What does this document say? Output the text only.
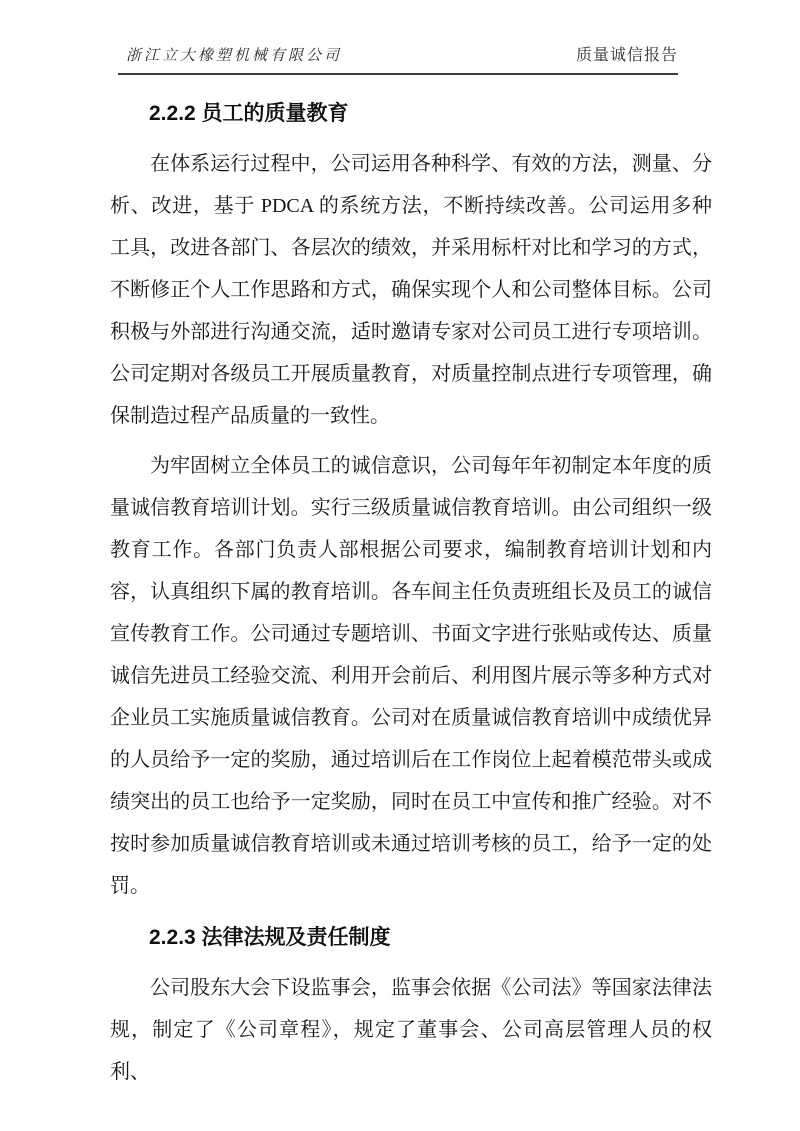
浙江立大橡塑机械有限公司	质量诚信报告
2.2.2 员工的质量教育

在体系运行过程中，公司运用各种科学、有效的方法，测量、分析、改进，基于 PDCA 的系统方法，不断持续改善。公司运用多种工具，改进各部门、各层次的绩效，并采用标杆对比和学习的方式，不断修正个人工作思路和方式，确保实现个人和公司整体目标。公司积极与外部进行沟通交流，适时邀请专家对公司员工进行专项培训。公司定期对各级员工开展质量教育，对质量控制点进行专项管理，确保制造过程产品质量的一致性。

为牢固树立全体员工的诚信意识，公司每年年初制定本年度的质量诚信教育培训计划。实行三级质量诚信教育培训。由公司组织一级教育工作。各部门负责人部根据公司要求，编制教育培训计划和内容，认真组织下属的教育培训。各车间主任负责班组长及员工的诚信宣传教育工作。公司通过专题培训、书面文字进行张贴或传达、质量诚信先进员工经验交流、利用开会前后、利用图片展示等多种方式对企业员工实施质量诚信教育。公司对在质量诚信教育培训中成绩优异的人员给予一定的奖励，通过培训后在工作岗位上起着模范带头或成绩突出的员工也给予一定奖励，同时在员工中宣传和推广经验。对不按时参加质量诚信教育培训或未通过培训考核的员工，给予一定的处罚。

2.2.3 法律法规及责任制度

公司股东大会下设监事会，监事会依据《公司法》等国家法律法规，制定了《公司章程》，规定了董事会、公司高层管理人员的权利、
